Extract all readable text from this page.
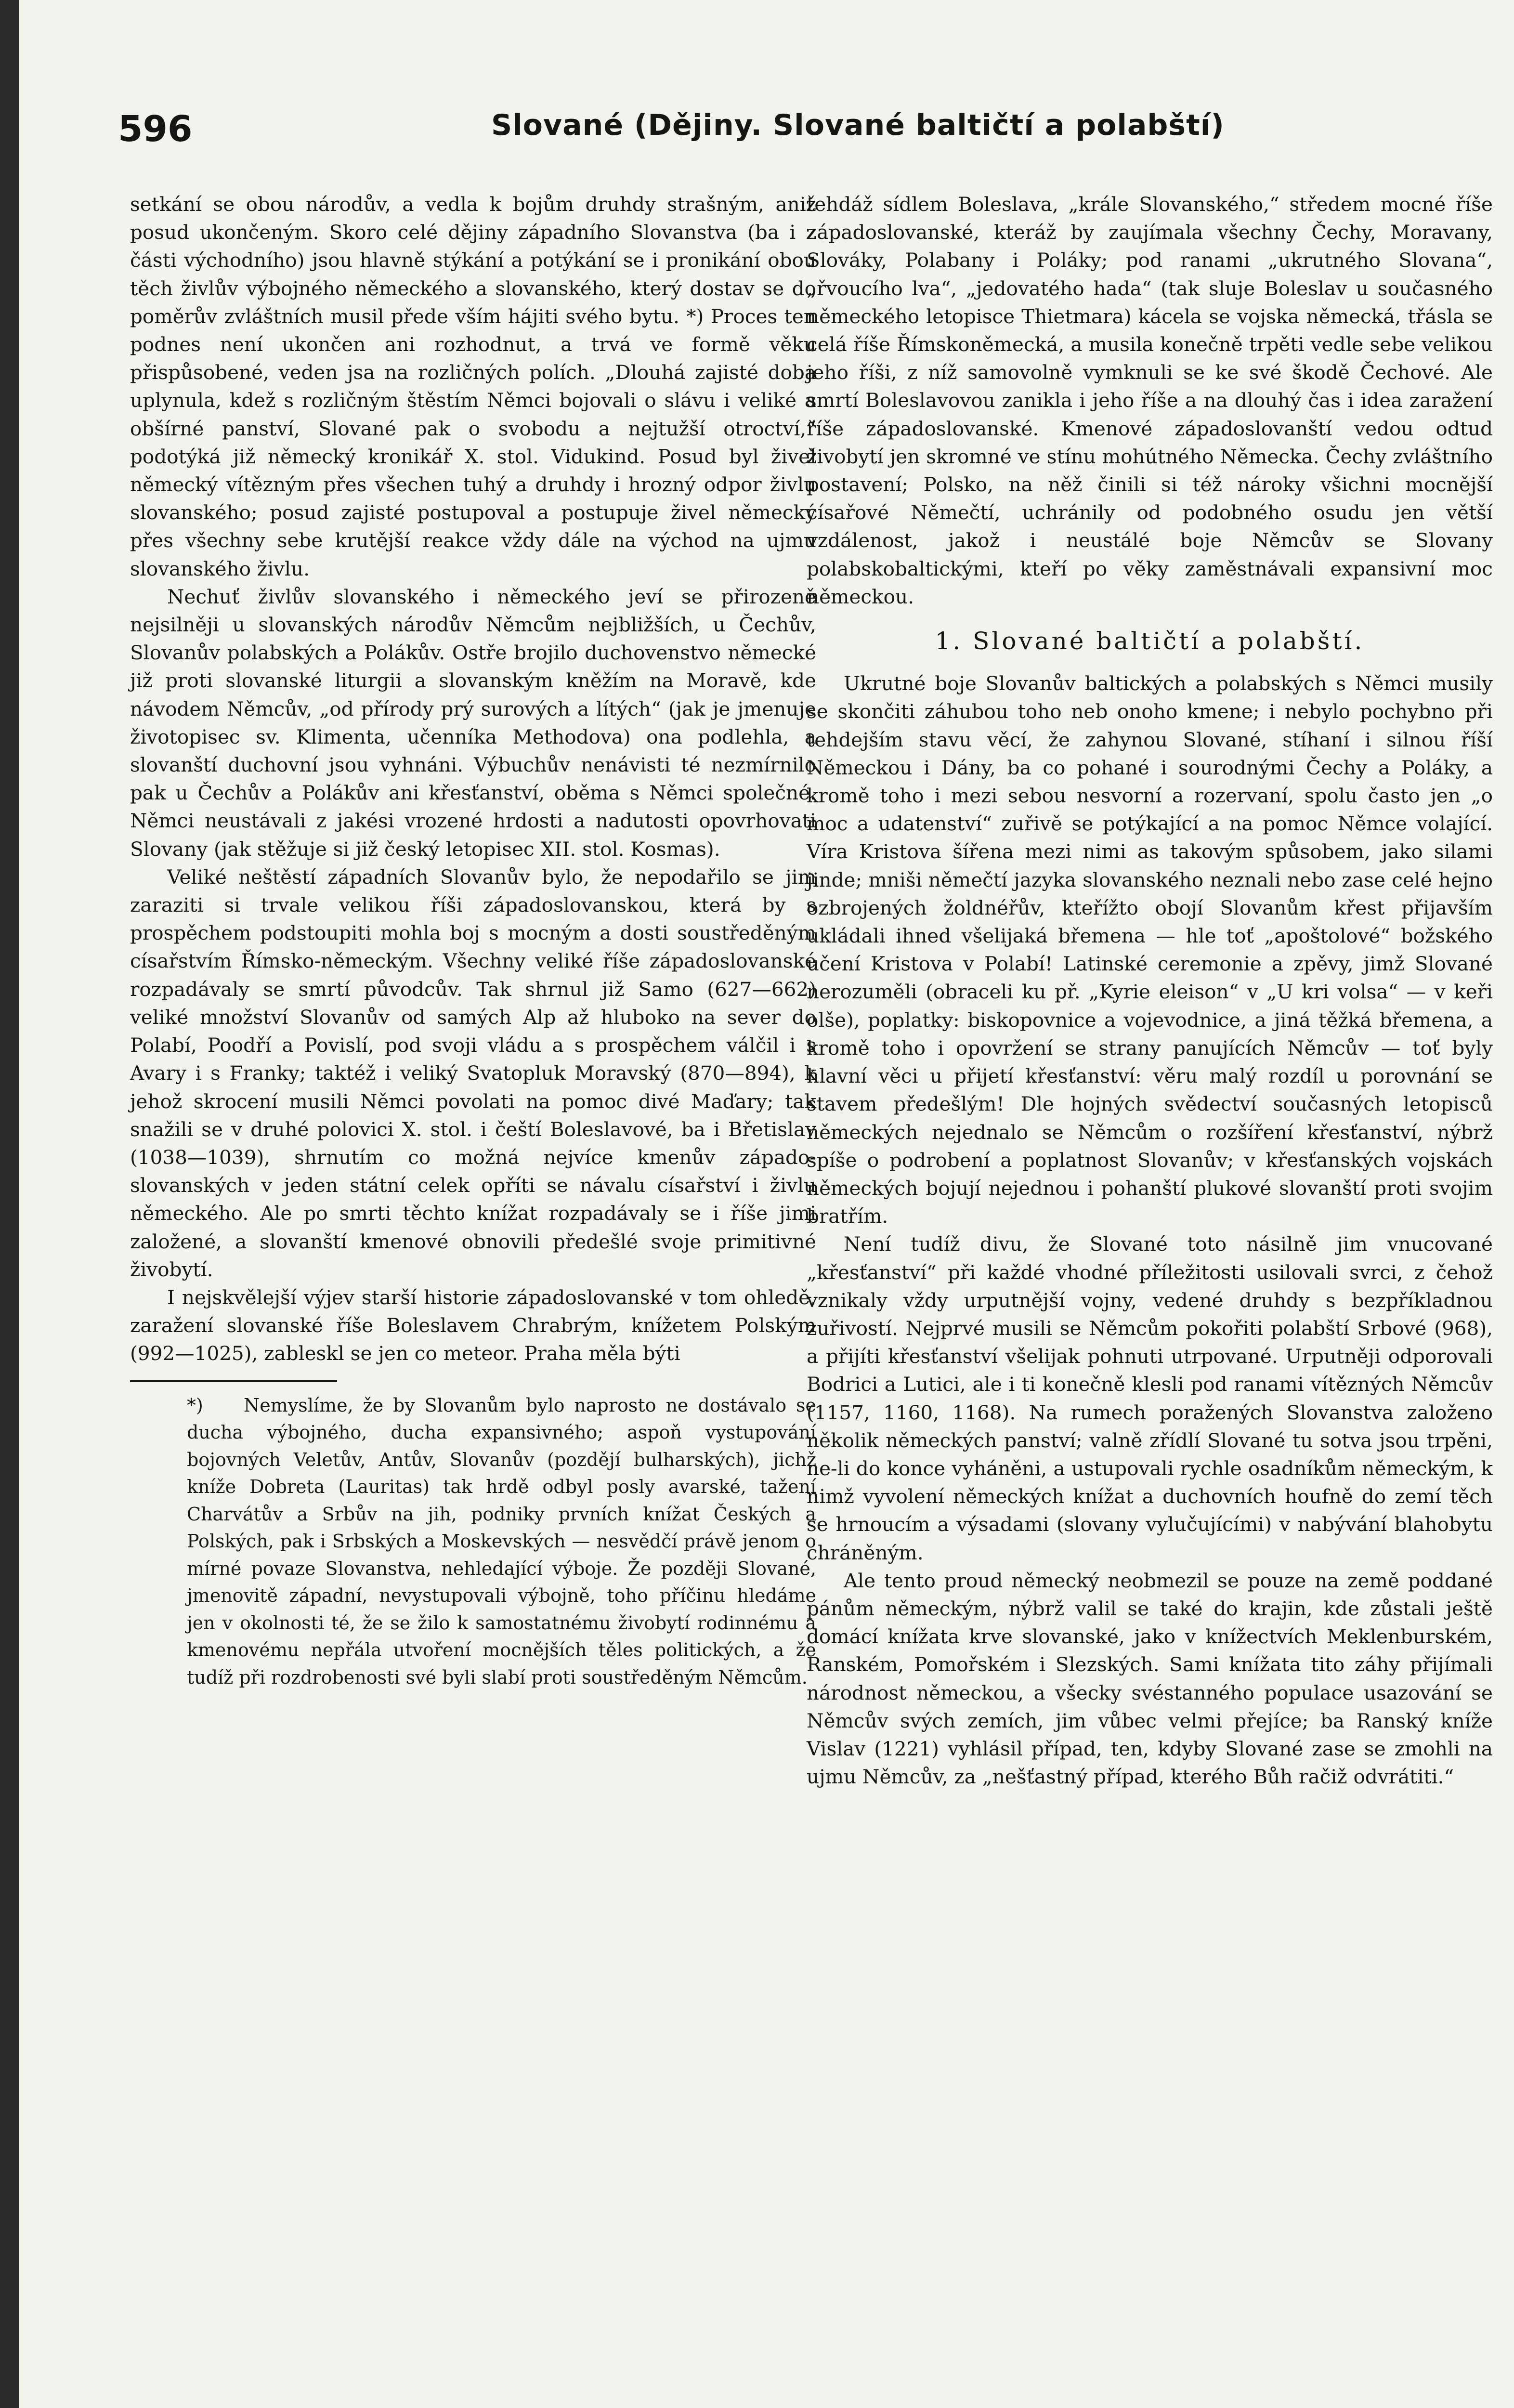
596	Slované (Dějiny. Slované baltičtí a polabští)

setkání se obou národův, a vedla k bojům druhdy strašným, aniž posud ukončeným. Skoro celé dějiny západního Slovanstva (ba i z části východního) jsou hlavně stýkání a potýkání se i pronikání obou těch živlův výbojného německého a slovanského, který dostav se do poměrův zvláštních musil přede vším hájiti svého bytu. *) Proces ten podnes není ukončen ani rozhodnut, a trvá ve formě věku přispůsobené, veden jsa na rozličných polích. „Dlouhá zajisté doba uplynula, kdež s rozličným štěstím Němci bojovali o slávu i veliké a obšírné panství, Slované pak o svobodu a nejtužší otroctví,“ podotýká již německý kronikář X. stol. Vidukind. Posud byl živel německý vítězným přes všechen tuhý a druhdy i hrozný odpor živlu slovanského; posud zajisté postupoval a postupuje živel německý přes všechny sebe krutější reakce vždy dále na východ na ujmu slovanského živlu.

Nechuť živlův slovanského i německého jeví se přirozeně nejsilněji u slovanských národův Němcům nejbližších, u Čechův, Slovanův polabských a Polákův. Ostře brojilo duchovenstvo německé již proti slovanské liturgii a slovanským kněžím na Moravě, kde návodem Němcův, „od přírody prý surových a lítých“ (jak je jmenuje životopisec sv. Klimenta, učenníka Methodova) ona podlehla, a slovanští duchovní jsou vyhnáni. Výbuchův nenávisti té nezmírnilo pak u Čechův a Polákův ani křesťanství, oběma s Němci společné. Němci neustávali z jakési vrozené hrdosti a nadutosti opovrhovati Slovany (jak stěžuje si již český letopisec XII. stol. Kosmas).

Veliké neštěstí západních Slovanův bylo, že nepodařilo se jim zaraziti si trvale velikou říši západoslovanskou, která by s prospěchem podstoupiti mohla boj s mocným a dosti soustředěným císařstvím Římsko-německým. Všechny veliké říše západoslovanské rozpadávaly se smrtí původcův. Tak shrnul již Samo (627—662) veliké množství Slovanův od samých Alp až hluboko na sever do Polabí, Poodří a Povislí, pod svoji vládu a s prospěchem válčil i s Avary i s Franky; taktéž i veliký Svatopluk Moravský (870—894), k jehož skrocení musili Němci povolati na pomoc divé Maďary; tak snažili se v druhé polovici X. stol. i čeští Boleslavové, ba i Břetislav (1038—1039), shrnutím co možná nejvíce kmenův západo-slovanských v jeden státní celek opříti se návalu císařství i živlu německého. Ale po smrti těchto knížat rozpadávaly se i říše jimi založené, a slovanští kmenové obnovili předešlé svoje primitivné živobytí.

I nejskvělejší výjev starší historie západoslovanské v tom ohledě, zaražení slovanské říše Boleslavem Chrabrým, knížetem Polským (992—1025), zableskl se jen co meteor. Praha měla býti

*) Nemyslíme, že by Slovanům bylo naprosto ne dostávalo se ducha výbojného, ducha expansivného; aspoň vystupování bojovných Veletův, Antův, Slovanův (pozdějí bulharských), jichž kníže Dobreta (Lauritas) tak hrdě odbyl posly avarské, tažení Charvátův a Srbův na jih, podniky prvních knížat Českých a Polských, pak i Srbských a Moskevských — nesvědčí právě jenom o mírné povaze Slovanstva, nehledající výboje. Že později Slované, jmenovitě západní, nevystupovali výbojně, toho příčinu hledáme jen v okolnosti té, že se žilo k samostatnému živobytí rodinnému a kmenovému nepřála utvoření mocnějších těles politických, a že tudíž při rozdrobenosti své byli slabí proti soustředěným Němcům.

tehdáž sídlem Boleslava, „krále Slovanského,“ středem mocné říše západoslovanské, kteráž by zaujímala všechny Čechy, Moravany, Slováky, Polabany i Poláky; pod ranami „ukrutného Slovana“, „řvoucího lva“, „jedovatého hada“ (tak sluje Boleslav u současného německého letopisce Thietmara) kácela se vojska německá, třásla se celá říše Římskoněmecká, a musila konečně trpěti vedle sebe velikou jeho říši, z níž samovolně vymknuli se ke své škodě Čechové. Ale smrtí Boleslavovou zanikla i jeho říše a na dlouhý čas i idea zaražení říše západoslovanské. Kmenové západoslovanští vedou odtud živobytí jen skromné ve stínu mohútného Německa. Čechy zvláštního postavení; Polsko, na něž činili si též nároky všichni mocnější císařové Němečtí, uchránily od podobného osudu jen větší vzdálenost, jakož i neustálé boje Němcův se Slovany polabskobaltickými, kteří po věky zaměstnávali expansivní moc německou.

1. Slované baltičtí a polabští.

Ukrutné boje Slovanův baltických a polabských s Němci musily se skončiti záhubou toho neb onoho kmene; i nebylo pochybno při tehdejším stavu věcí, že zahynou Slované, stíhaní i silnou říší Německou i Dány, ba co pohané i sourodnými Čechy a Poláky, a kromě toho i mezi sebou nesvorní a rozervaní, spolu často jen „o moc a udatenství“ zuřivě se potýkající a na pomoc Němce volající. Víra Kristova šířena mezi nimi as takovým spůsobem, jako silami jinde; mniši němečtí jazyka slovanského neznali nebo zase celé hejno ozbrojených žoldnéřův, kteřížto obojí Slovanům křest přijavším ukládali ihned všelijaká břemena — hle toť „apoštolové“ božského učení Kristova v Polabí! Latinské ceremonie a zpěvy, jimž Slované nerozuměli (obraceli ku př. „Kyrie eleison“ v „U kri volsa“ — v keři olše), poplatky: biskopovnice a vojevodnice, a jiná těžká břemena, a kromě toho i opovržení se strany panujících Němcův — toť byly hlavní věci u přijetí křesťanství: věru malý rozdíl u porovnání se stavem předešlým! Dle hojných svědectví současných letopisců německých nejednalo se Němcům o rozšíření křesťanství, nýbrž spíše o podrobení a poplatnost Slovanův; v křesťanských vojskách německých bojují nejednou i pohanští plukové slovanští proti svojim bratřím.

Není tudíž divu, že Slované toto násilně jim vnucované „křesťanství“ při každé vhodné příležitosti usilovali svrci, z čehož vznikaly vždy urputnější vojny, vedené druhdy s bezpříkladnou zuřivostí. Nejprvé musili se Němcům pokořiti polabští Srbové (968), a přijíti křesťanství všelijak pohnuti utrpované. Urputněji odporovali Bodrici a Lutici, ale i ti konečně klesli pod ranami vítězných Němcův (1157, 1160, 1168). Na rumech poražených Slovanstva založeno několik německých panství; valně zřídlí Slované tu sotva jsou trpěni, ne-li do konce vyháněni, a ustupovali rychle osadníkům německým, k nimž vyvolení německých knížat a duchovních houfně do zemí těch se hrnoucím a výsadami (slovany vylučujícími) v nabývání blahobytu chráněným.

Ale tento proud německý neobmezil se pouze na země poddané pánům německým, nýbrž valil se také do krajin, kde zůstali ještě domácí knížata krve slovanské, jako v knížectvích Meklenburském, Ranském, Pomořském i Slezských. Sami knížata tito záhy přijímali národnost německou, a všecky svéstanného populace usazování se Němcův svých zemích, jim vůbec velmi přejíce; ba Ranský kníže Vislav (1221) vyhlásil případ, ten, kdyby Slované zase se zmohli na ujmu Němcův, za „nešťastný případ, kterého Bůh račiž odvrátiti.“
